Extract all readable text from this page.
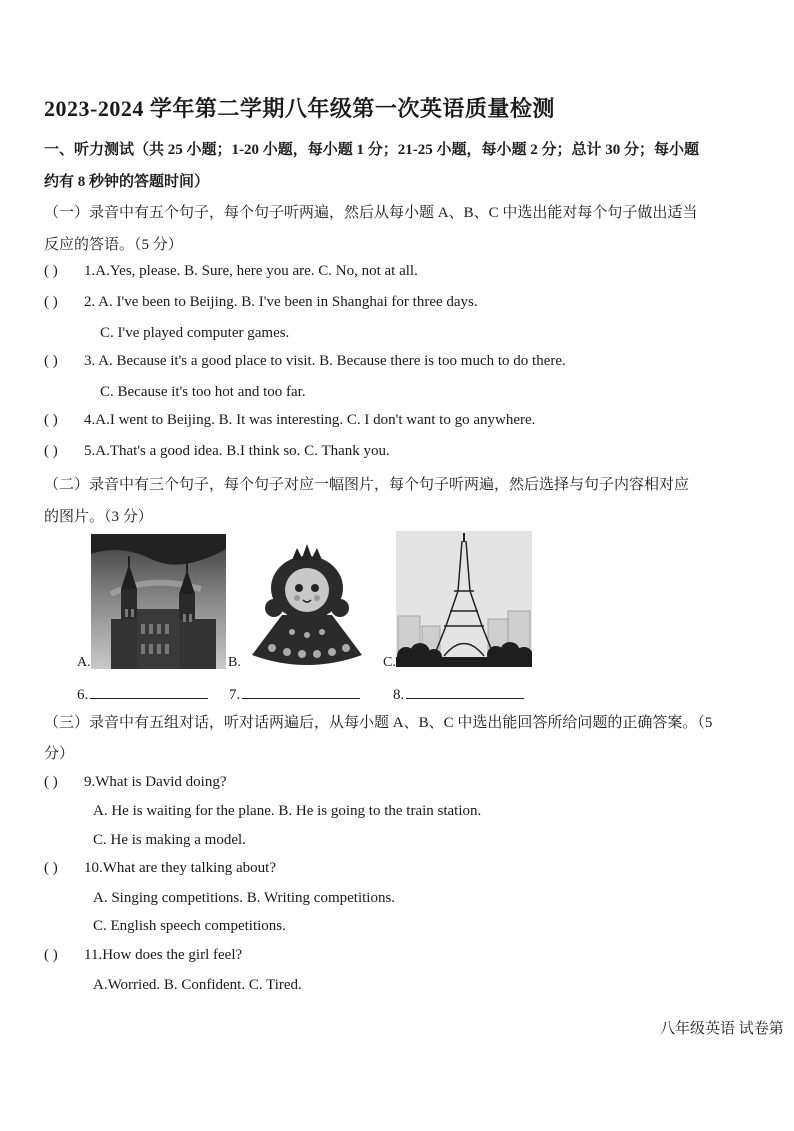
2023-2024 学年第二学期八年级第一次英语质量检测
一、听力测试（共 25 小题；1-20 小题，每小题 1 分；21-25 小题，每小题 2 分；总计 30 分；每小题
约有 8 秒钟的答题时间）
（一）录音中有五个句子，每个句子听两遍，然后从每小题 A、B、C 中选出能对每个句子做出适当
反应的答语。（5 分）
( ) 1.A.Yes, please. B. Sure, here you are. C. No, not at all.
( ) 2. A. I've been to Beijing. B. I've been in Shanghai for three days.
C. I've played computer games.
( ) 3. A. Because it's a good place to visit. B. Because there is too much to do there.
C. Because it's too hot and too far.
( ) 4.A.I went to Beijing. B. It was interesting. C. I don't want to go anywhere.
( ) 5.A.That's a good idea. B.I think so. C. Thank you.
（二）录音中有三个句子，每个句子对应一幅图片，每个句子听两遍，然后选择与句子内容相对应
的图片。（3 分）
A.	B.	C.
6.	7.	8.
（三）录音中有五组对话，听对话两遍后，从每小题 A、B、C 中选出能回答所给问题的正确答案。（5
分）
( ) 9.What is David doing?
A. He is waiting for the plane. B. He is going to the train station.
C. He is making a model.
( ) 10.What are they talking about?
A. Singing competitions. B. Writing competitions.
C. English speech competitions.
( ) 11.How does the girl feel?
A.Worried. B. Confident. C. Tired.
八年级英语 试卷第
